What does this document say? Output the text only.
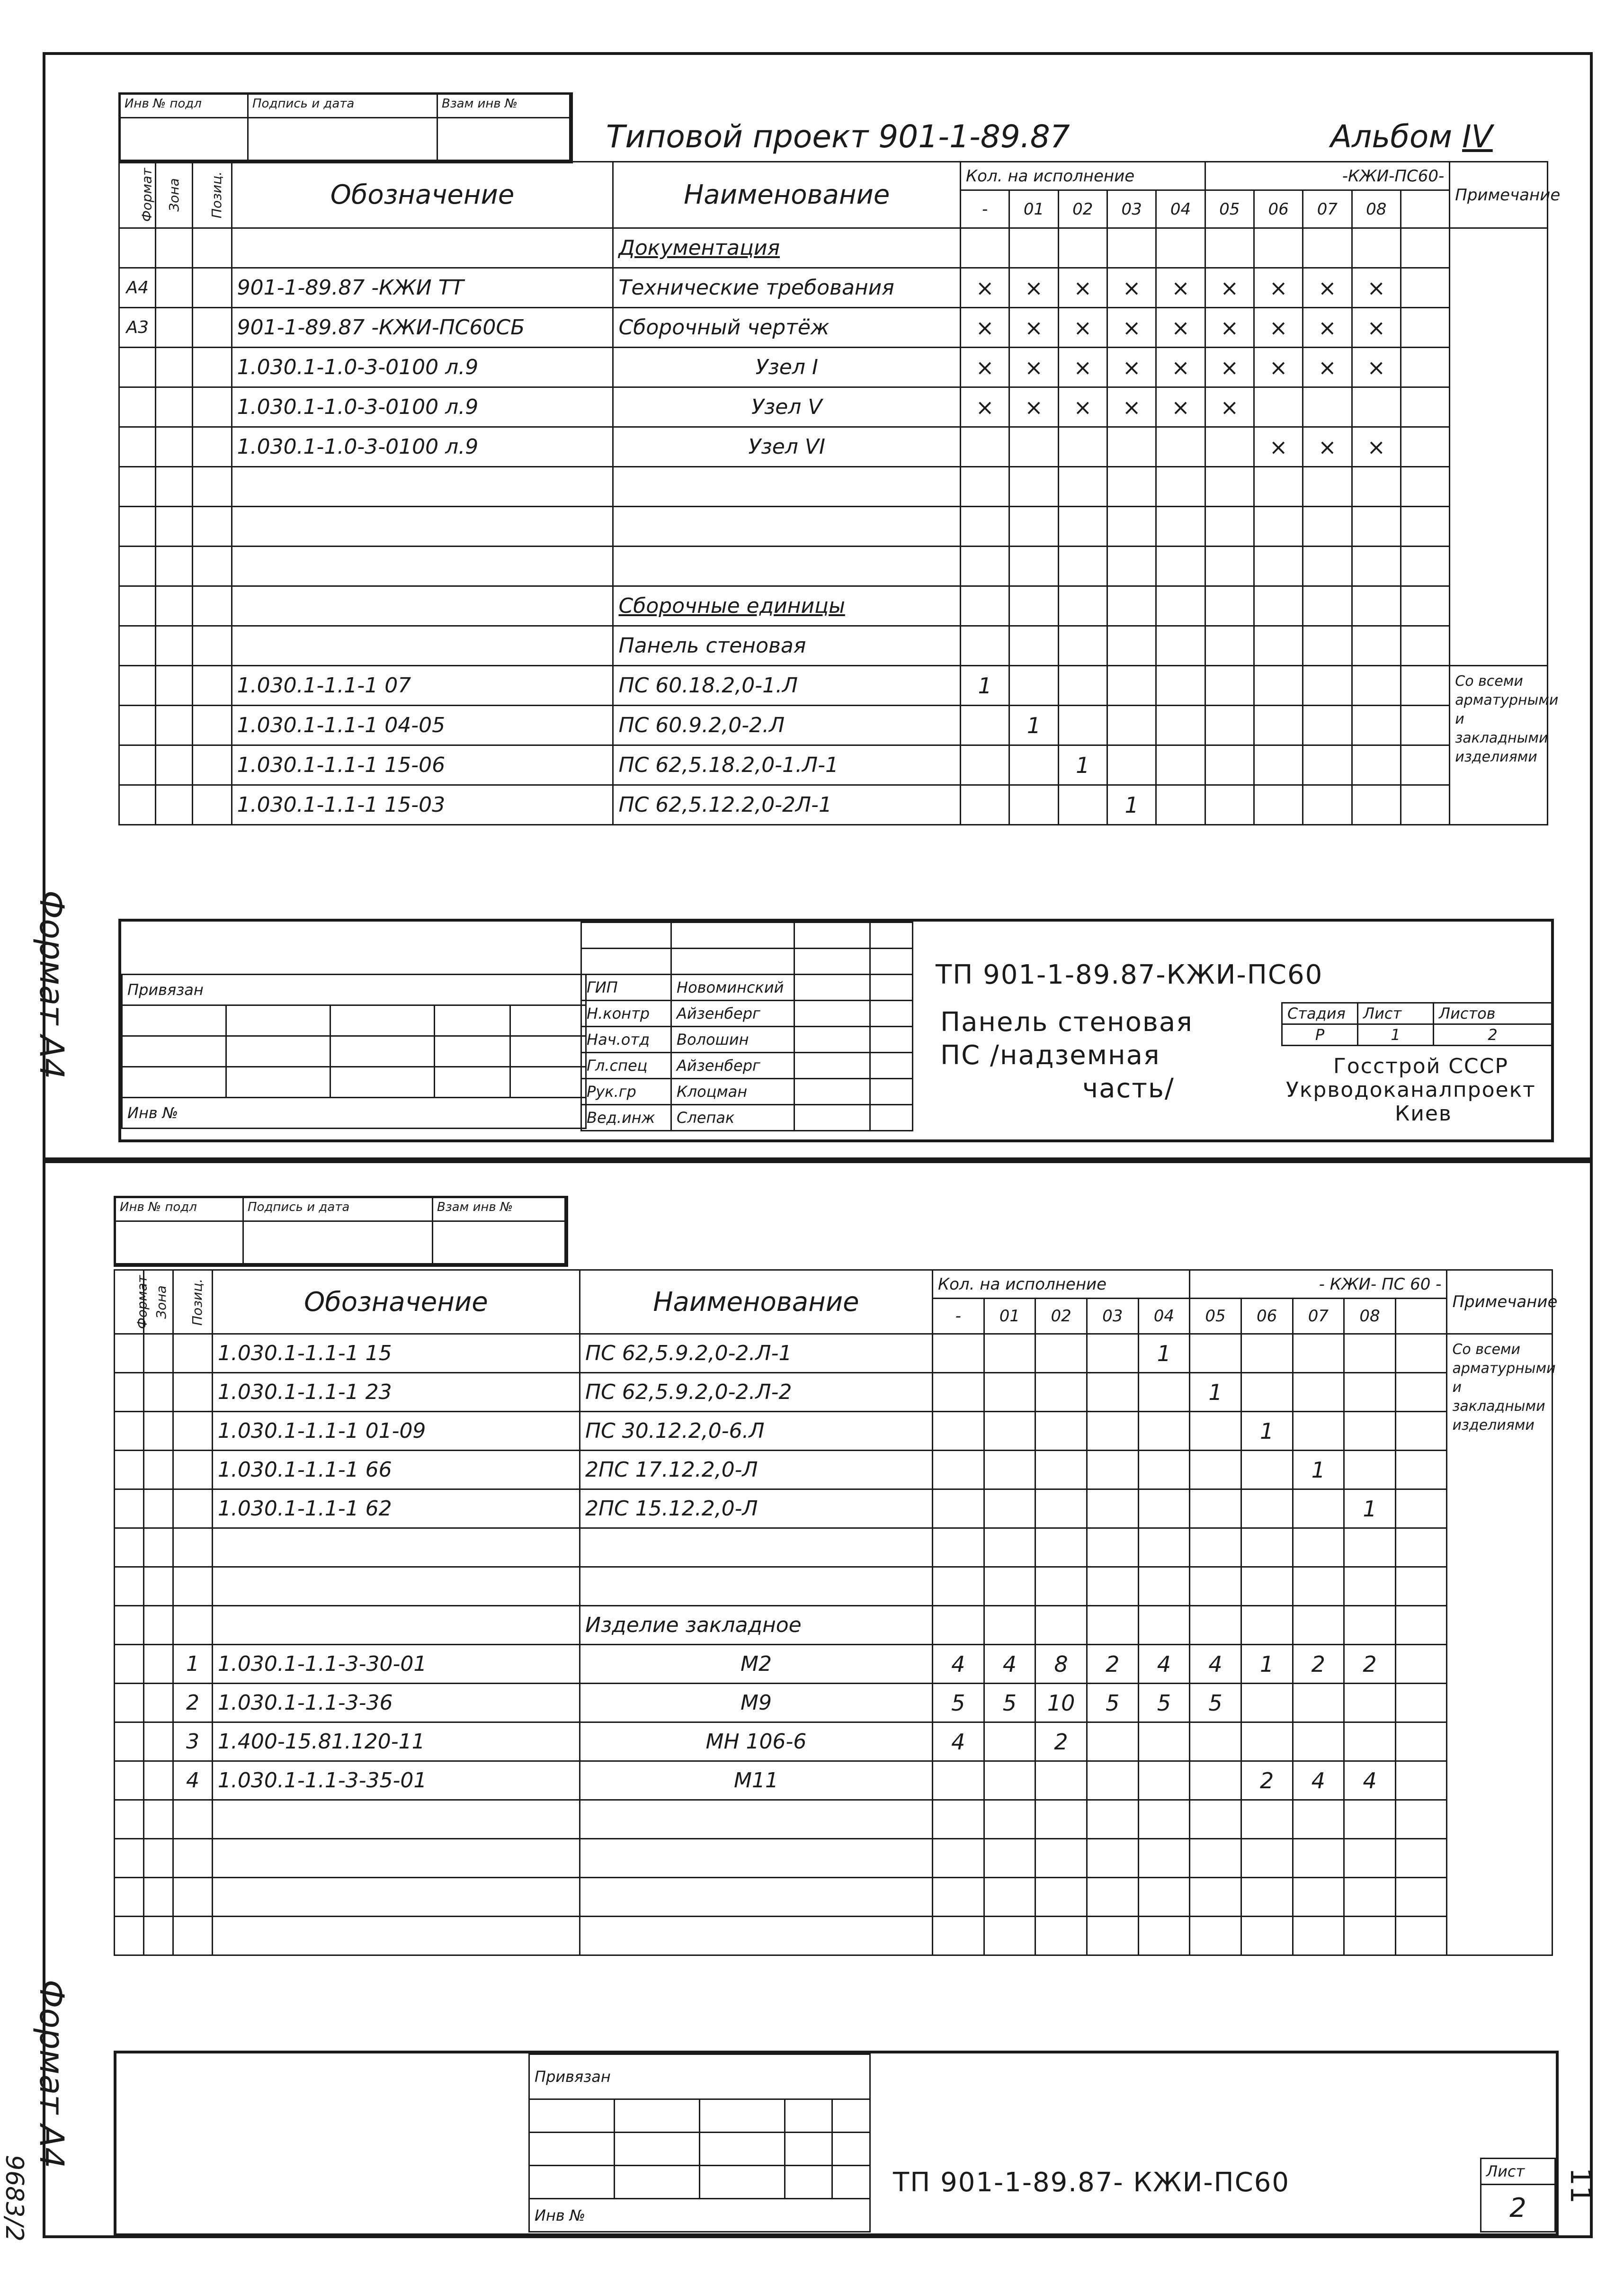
Инв № подл	Подпись и дата	Взам инв №
Типовой проект 901-1-89.87	Альбом IV
Формат	Зона	Позиц.	Обозначение	Наименование	Кол. на исполнение					-КЖИ-ПС60-					Примечание
					-	01	02	03	04	05	06	07	08		
				Документация											
А4			901-1-89.87 -КЖИ ТТ	Технические требования	×	×	×	×	×	×	×	×	×		
А3			901-1-89.87 -КЖИ-ПС60СБ	Сборочный чертёж	×	×	×	×	×	×	×	×	×		
			1.030.1-1.0-3-0100 л.9	Узел I	×	×	×	×	×	×	×	×	×		
			1.030.1-1.0-3-0100 л.9	Узел V	×	×	×	×	×	×					
			1.030.1-1.0-3-0100 л.9	Узел VI							×	×	×		

				Сборочные единицы											
				Панель стеновая											
			1.030.1-1.1-1 07	ПС 60.18.2,0-1.Л	1										Со всеми арматурными и закладными изделиями
			1.030.1-1.1-1 04-05	ПС 60.9.2,0-2.Л		1									
			1.030.1-1.1-1 15-06	ПС 62,5.18.2,0-1.Л-1			1								
			1.030.1-1.1-1 15-03	ПС 62,5.12.2,0-2Л-1				1							
Формат А4	Привязан				

Инв №				

ГИП	Новоминский		
Н.контр	Айзенберг		
Нач.отд	Волошин		
Гл.спец	Айзенберг		
Рук.гр	Клоцман		
Вед.инж	Слепак		
ТП 901-1-89.87-КЖИ-ПС60
Панель стеновая
ПС /надземная
часть/
Стадия	Лист	Листов
Р	1	2
Госстрой СССР
Укрводоканалпроект
Киев
Инв № подл	Подпись и дата	Взам инв №
Формат	Зона	Позиц.	Обозначение	Наименование	Кол. на исполнение					- КЖИ- ПС 60 -					Примечание
					-	01	02	03	04	05	06	07	08		
			1.030.1-1.1-1 15	ПС 62,5.9.2,0-2.Л-1					1						Со всеми арматурными и закладными изделиями
			1.030.1-1.1-1 23	ПС 62,5.9.2,0-2.Л-2						1					
			1.030.1-1.1-1 01-09	ПС 30.12.2,0-6.Л							1				
			1.030.1-1.1-1 66	2ПС 17.12.2,0-Л								1			
			1.030.1-1.1-1 62	2ПС 15.12.2,0-Л									1		

				Изделие закладное											
		1	1.030.1-1.1-3-30-01	М2	4	4	8	2	4	4	1	2	2		
		2	1.030.1-1.1-3-36	М9	5	5	10	5	5	5					
		3	1.400-15.81.120-11	МН 106-6	4		2								
		4	1.030.1-1.1-3-35-01	М11							2	4	4		

Формат А4
9683/2
Привязан				

Инв №				
ТП 901-1-89.87- КЖИ-ПС60	Лист
2
11
